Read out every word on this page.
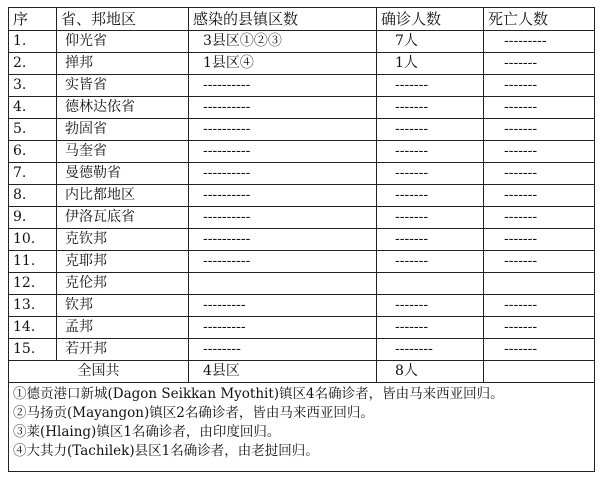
序	省、邦地区	感染的县镇区数	确诊人数	死亡人数
1.	仰光省	3县区①②③	7人	---------
2.	掸邦	1县区④	1人	-------
3.	实皆省	----------	-------	-------
4.	德林达依省	----------	-------	-------
5.	勃固省	----------	-------	-------
6.	马奎省	----------	-------	-------
7.	曼德勒省	----------	-------	-------
8.	内比都地区	----------	-------	-------
9.	伊洛瓦底省	----------	-------	-------
10.	克钦邦	----------	-------	-------
11.	克耶邦	----------	-------	-------
12.	克伦邦			
13.	钦邦	---------	-------	-------
14.	孟邦	---------	-------	-------
15.	若开邦	--------	--------	-------
全国共		4县区	8人	

①德贡港口新城(Dagon Seikkan Myothit)镇区4名确诊者，皆由马来西亚回归。
②马扬贡(Mayangon)镇区2名确诊者，皆由马来西亚回归。
③莱(Hlaing)镇区1名确诊者，由印度回归。
④大其力(Tachilek)县区1名确诊者，由老挝回归。				
